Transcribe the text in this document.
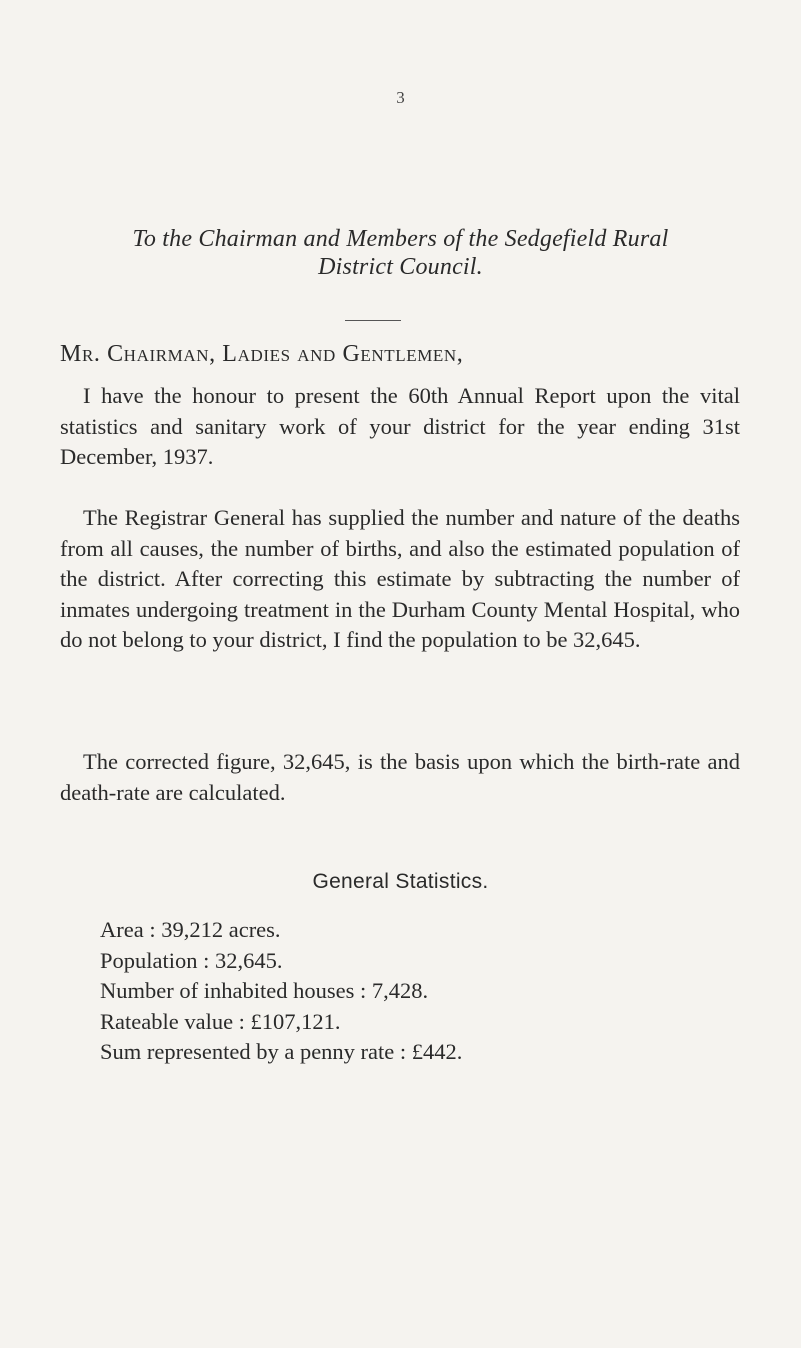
3
To the Chairman and Members of the Sedgefield Rural
District Council.
Mr. Chairman, Ladies and Gentlemen,

I have the honour to present the 60th Annual Report upon the vital statistics and sanitary work of your district for the year ending 31st December, 1937.

The Registrar General has supplied the number and nature of the deaths from all causes, the number of births, and also the estimated population of the district. After correcting this estimate by subtracting the number of inmates undergoing treatment in the Durham County Mental Hospital, who do not belong to your district, I find the population to be 32,645.

The corrected figure, 32,645, is the basis upon which the birth-rate and death-rate are calculated.

General Statistics.
Area : 39,212 acres.
Population : 32,645.
Number of inhabited houses : 7,428.
Rateable value : £107,121.
Sum represented by a penny rate : £442.
